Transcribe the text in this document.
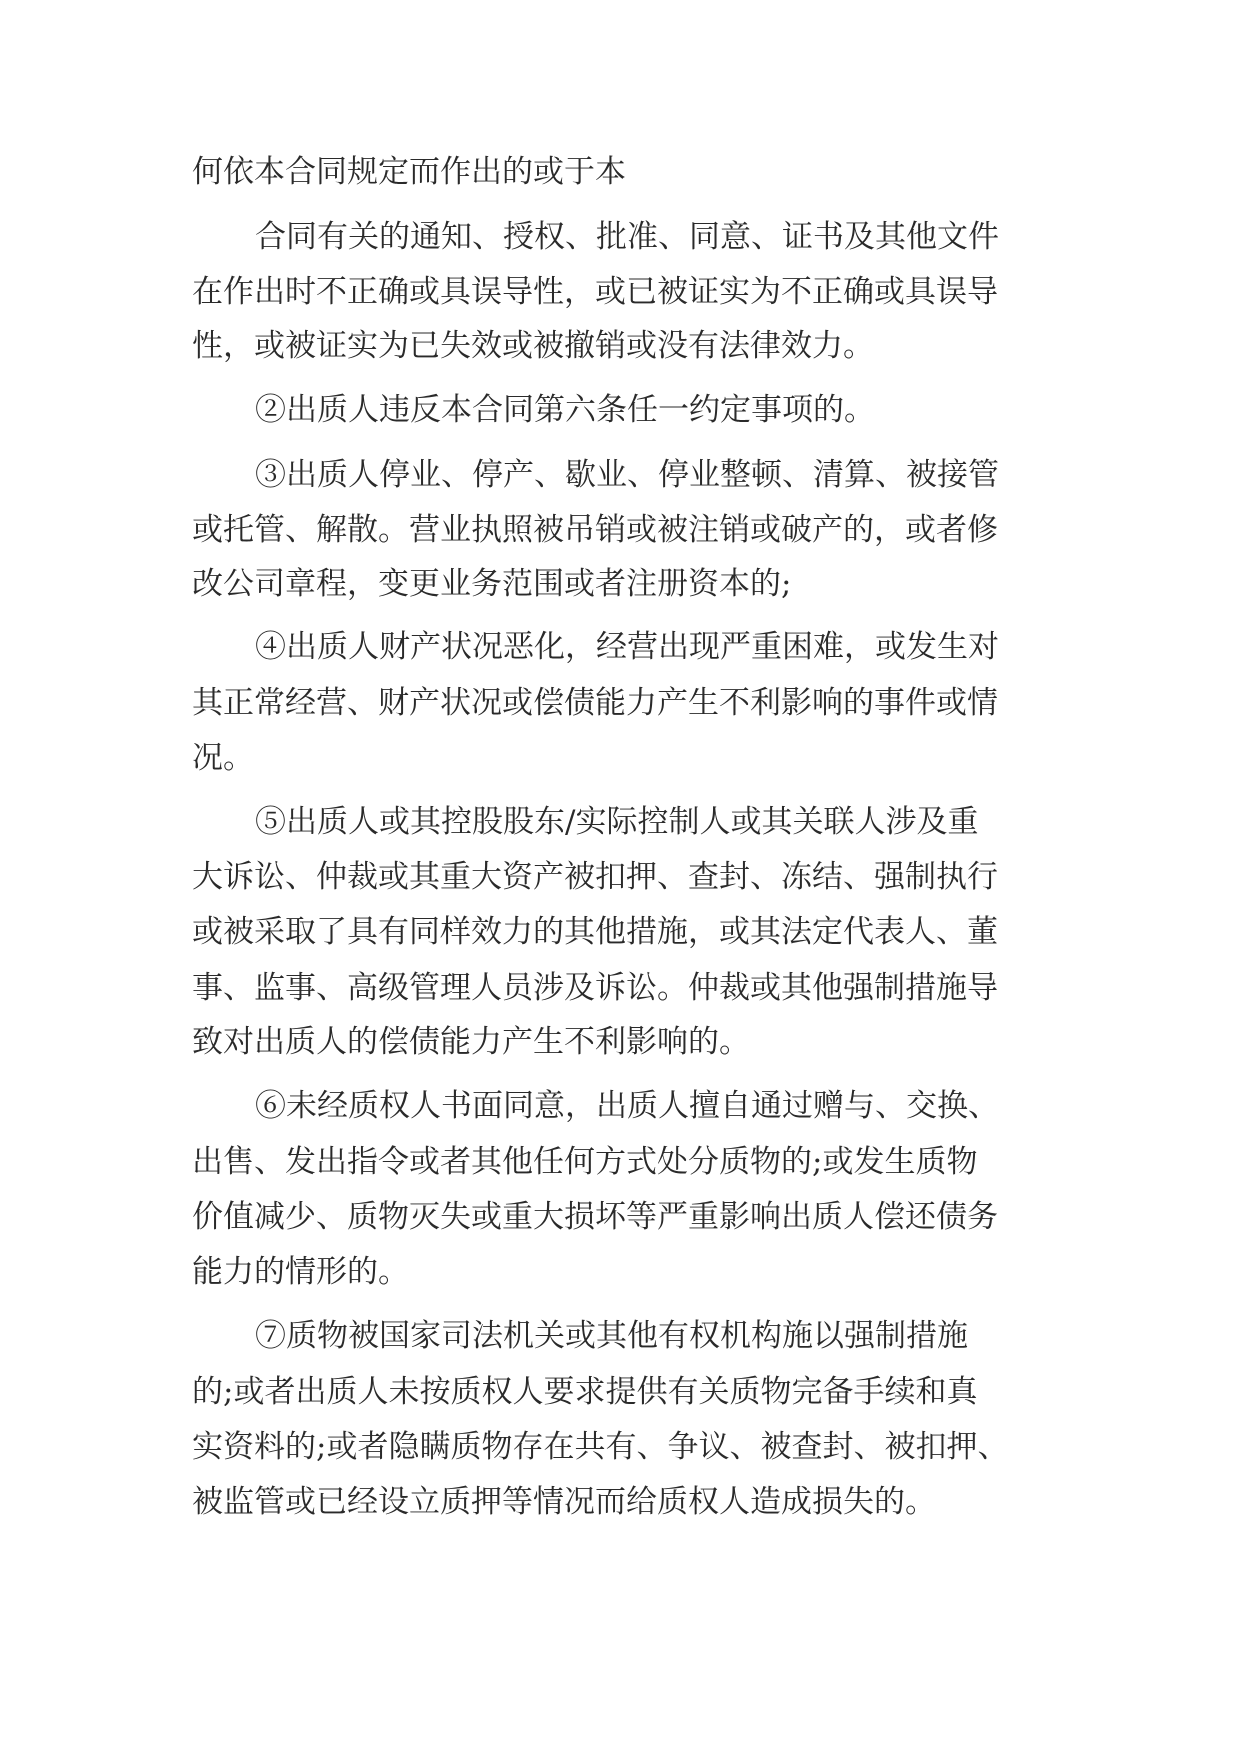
何依本合同规定而作出的或于本

合同有关的通知、授权、批准、同意、证书及其他文件

在作出时不正确或具误导性，或已被证实为不正确或具误导

性，或被证实为已失效或被撤销或没有法律效力。

②出质人违反本合同第六条任一约定事项的。

③出质人停业、停产、歇业、停业整顿、清算、被接管

或托管、解散。营业执照被吊销或被注销或破产的，或者修

改公司章程，变更业务范围或者注册资本的;

④出质人财产状况恶化，经营出现严重困难，或发生对

其正常经营、财产状况或偿债能力产生不利影响的事件或情

况。

⑤出质人或其控股股东/实际控制人或其关联人涉及重

大诉讼、仲裁或其重大资产被扣押、查封、冻结、强制执行

或被采取了具有同样效力的其他措施，或其法定代表人、董

事、监事、高级管理人员涉及诉讼。仲裁或其他强制措施导

致对出质人的偿债能力产生不利影响的。

⑥未经质权人书面同意，出质人擅自通过赠与、交换、

出售、发出指令或者其他任何方式处分质物的;或发生质物

价值减少、质物灭失或重大损坏等严重影响出质人偿还债务

能力的情形的。

⑦质物被国家司法机关或其他有权机构施以强制措施

的;或者出质人未按质权人要求提供有关质物完备手续和真

实资料的;或者隐瞒质物存在共有、争议、被查封、被扣押、

被监管或已经设立质押等情况而给质权人造成损失的。
